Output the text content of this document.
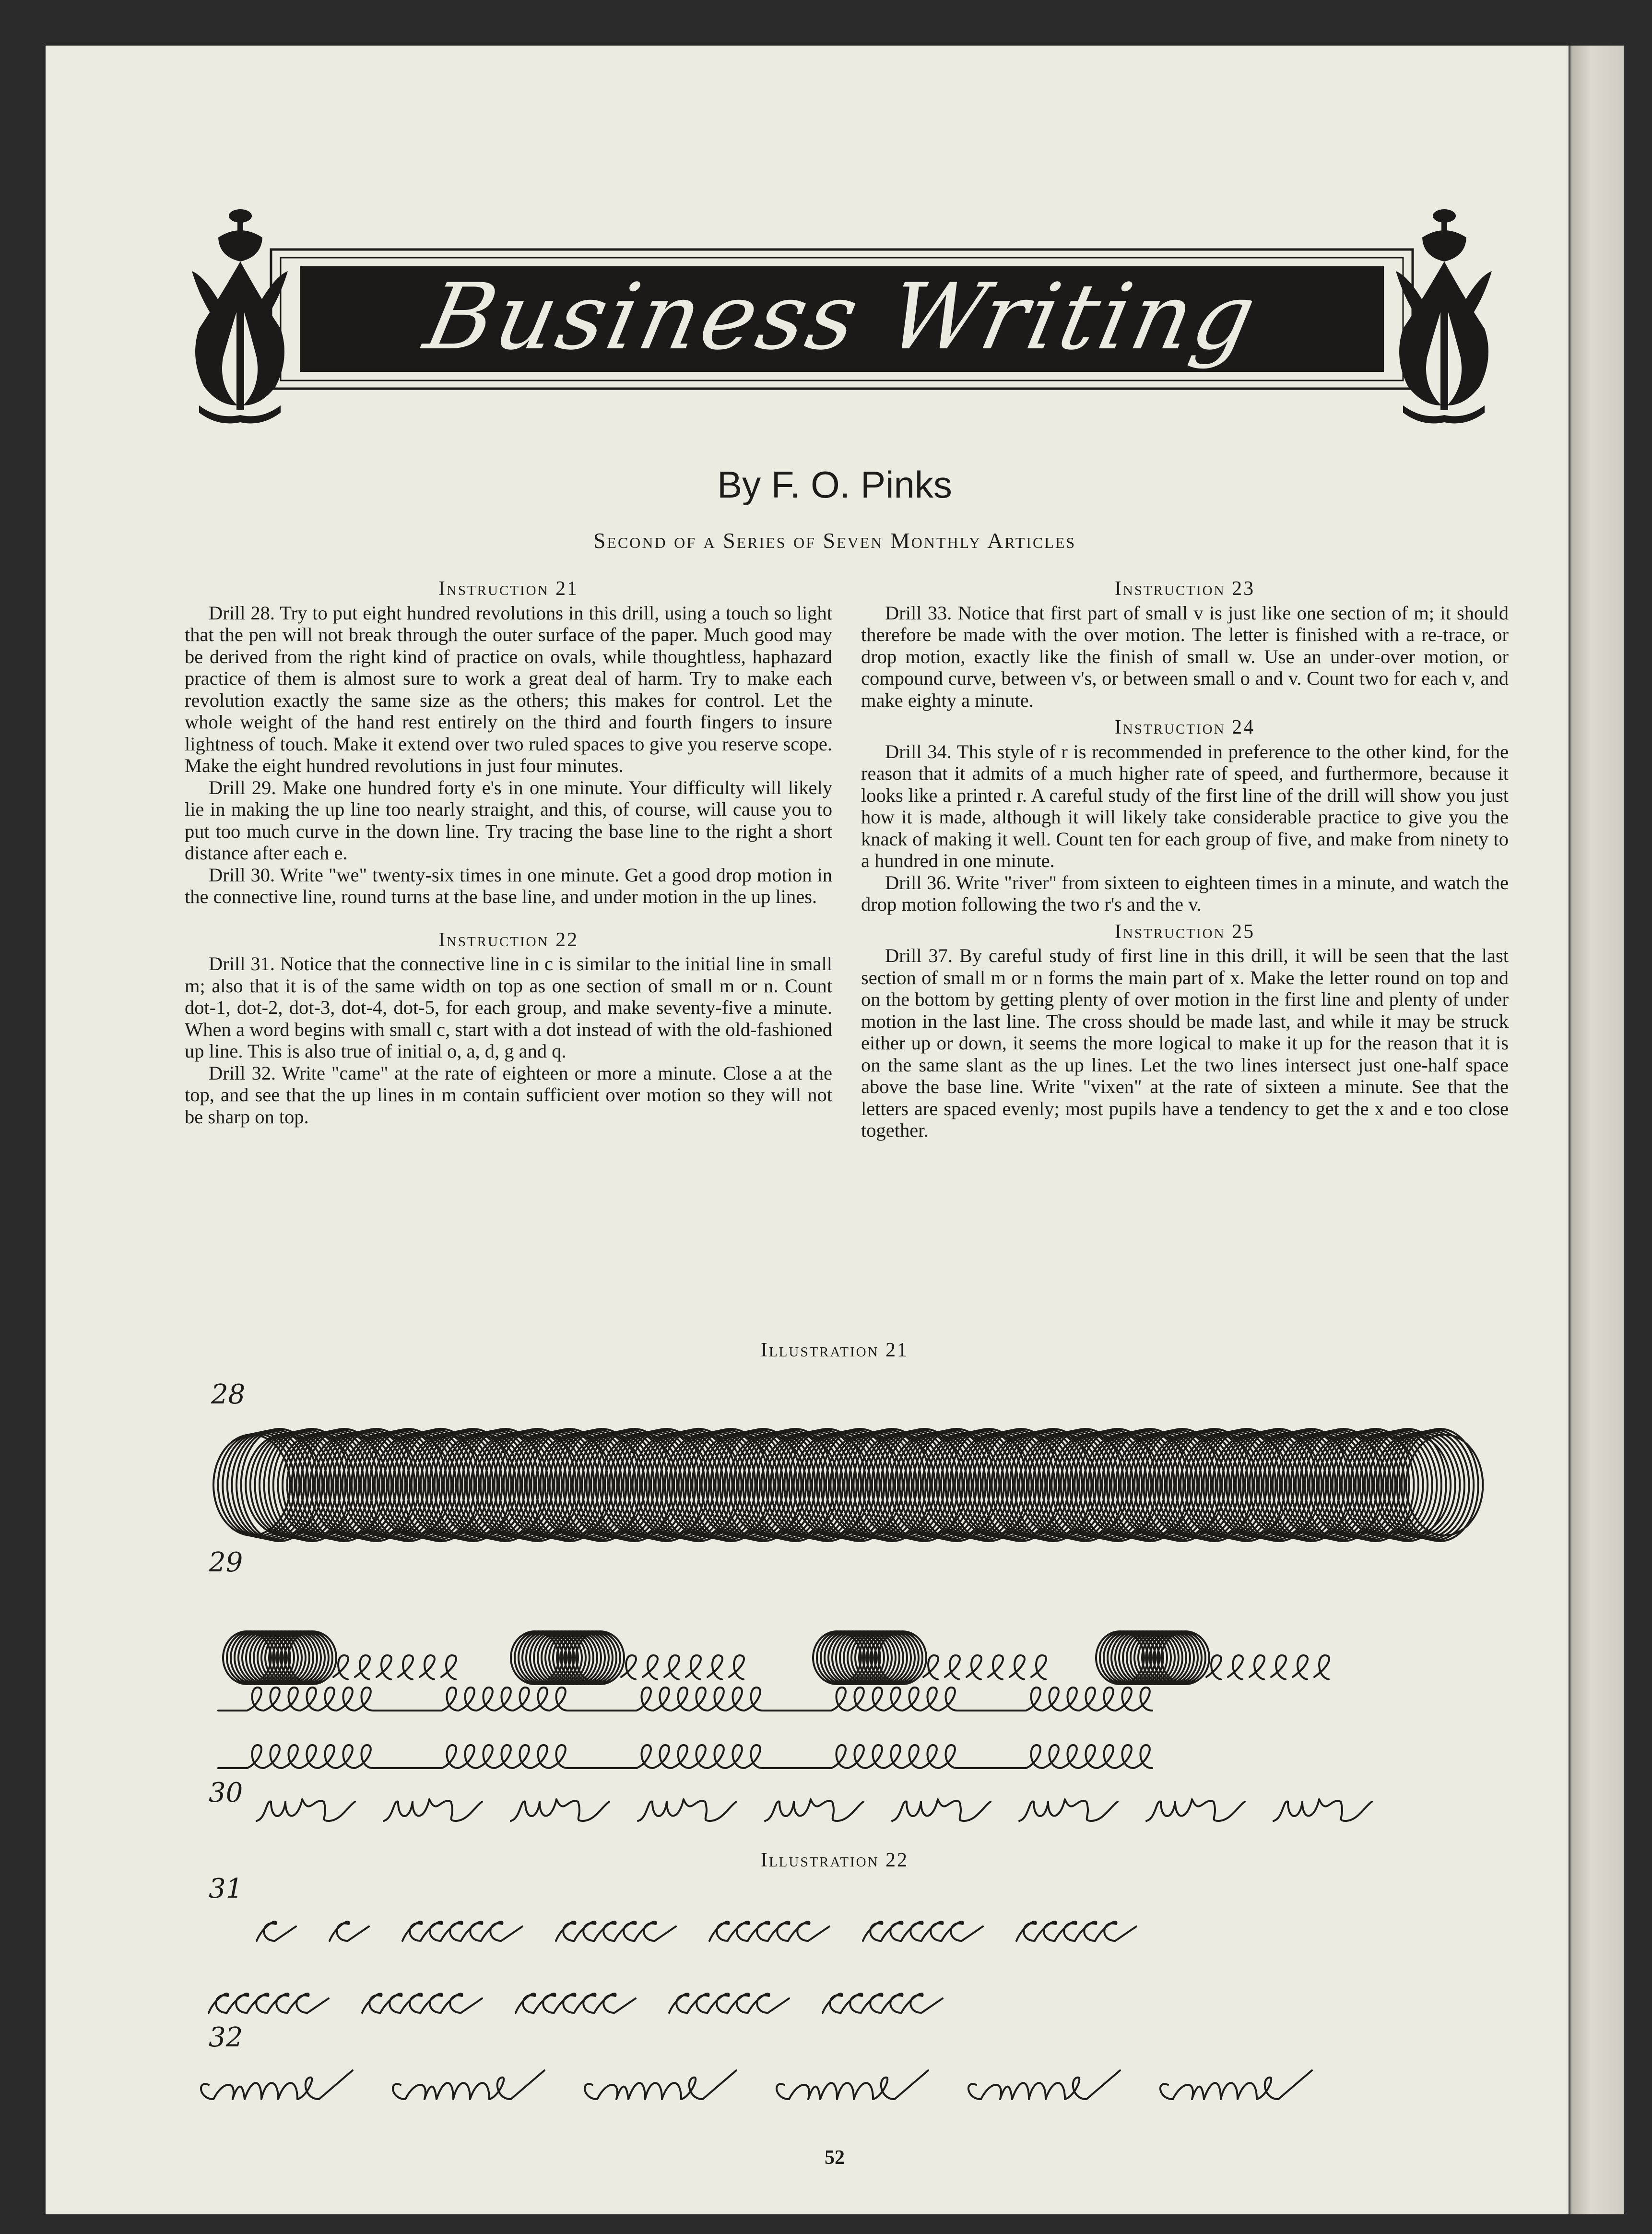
Business Writing
By F. O. Pinks
Second of a Series of Seven Monthly Articles
Instruction 21

Drill 28. Try to put eight hundred revolutions in this drill, using a touch so light that the pen will not break through the outer surface of the paper. Much good may be derived from the right kind of practice on ovals, while thoughtless, haphazard practice of them is almost sure to work a great deal of harm. Try to make each revolution exactly the same size as the others; this makes for control. Let the whole weight of the hand rest entirely on the third and fourth fingers to insure lightness of touch. Make it extend over two ruled spaces to give you reserve scope. Make the eight hundred revolutions in just four minutes.

Drill 29. Make one hundred forty e's in one minute. Your difficulty will likely lie in making the up line too nearly straight, and this, of course, will cause you to put too much curve in the down line. Try tracing the base line to the right a short distance after each e.

Drill 30. Write "we" twenty-six times in one minute. Get a good drop motion in the connective line, round turns at the base line, and under motion in the up lines.

Instruction 22

Drill 31. Notice that the connective line in c is similar to the initial line in small m; also that it is of the same width on top as one section of small m or n. Count dot-1, dot-2, dot-3, dot-4, dot-5, for each group, and make seventy-five a minute. When a word begins with small c, start with a dot instead of with the old-fashioned up line. This is also true of initial o, a, d, g and q.

Drill 32. Write "came" at the rate of eighteen or more a minute. Close a at the top, and see that the up lines in m contain sufficient over motion so they will not be sharp on top.

Instruction 23

Drill 33. Notice that first part of small v is just like one section of m; it should therefore be made with the over motion. The letter is finished with a re-trace, or drop motion, exactly like the finish of small w. Use an under-over motion, or compound curve, between v's, or between small o and v. Count two for each v, and make eighty a minute.

Instruction 24

Drill 34. This style of r is recommended in preference to the other kind, for the reason that it admits of a much higher rate of speed, and furthermore, because it looks like a printed r. A careful study of the first line of the drill will show you just how it is made, although it will likely take considerable practice to give you the knack of making it well. Count ten for each group of five, and make from ninety to a hundred in one minute.

Drill 36. Write "river" from sixteen to eighteen times in a minute, and watch the drop motion following the two r's and the v.

Instruction 25

Drill 37. By careful study of first line in this drill, it will be seen that the last section of small m or n forms the main part of x. Make the letter round on top and on the bottom by getting plenty of over motion in the first line and plenty of under motion in the last line. The cross should be made last, and while it may be struck either up or down, it seems the more logical to make it up for the reason that it is on the same slant as the up lines. Let the two lines intersect just one-half space above the base line. Write "vixen" at the rate of sixteen a minute. See that the letters are spaced evenly; most pupils have a tendency to get the x and e too close together.

Illustration 21
28
29
30
Illustration 22
31
32
52
